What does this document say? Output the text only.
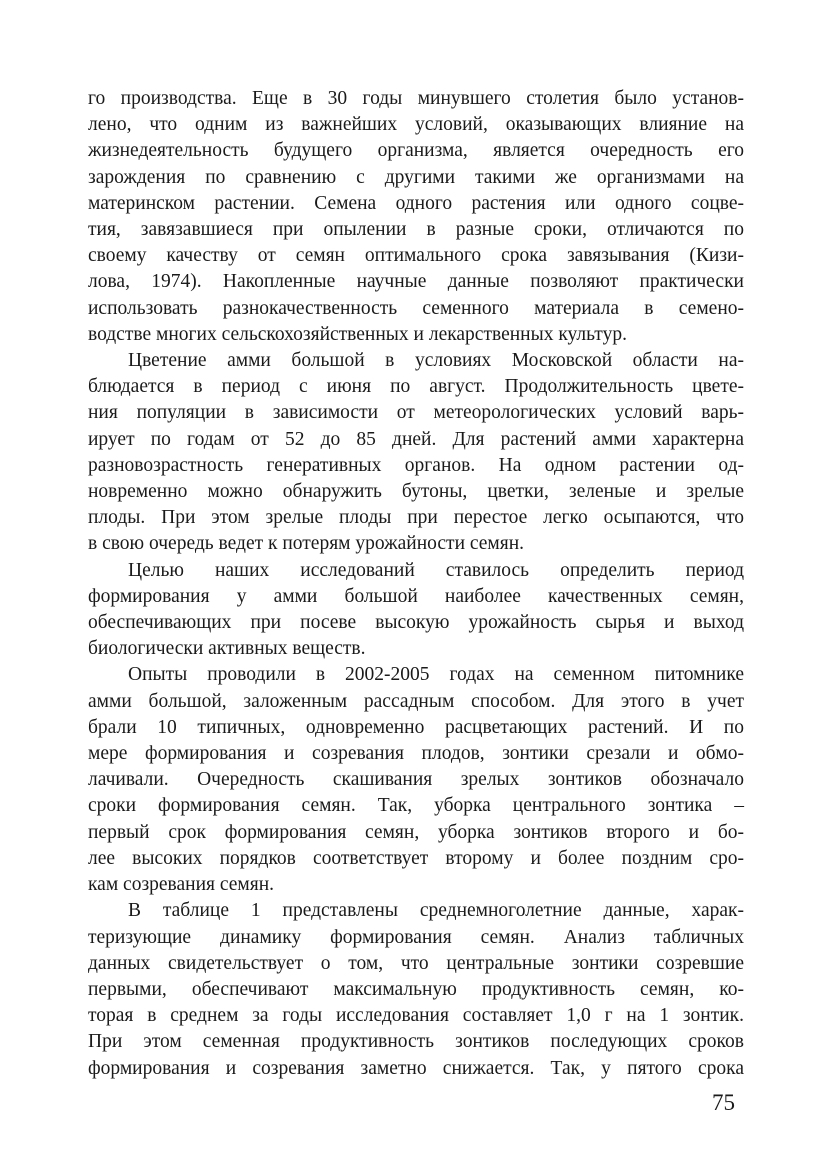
го производства. Еще в 30 годы минувшего столетия было установ-
лено, что одним из важнейших условий, оказывающих влияние на
жизнедеятельность будущего организма, является очередность его
зарождения по сравнению с другими такими же организмами на
материнском растении. Семена одного растения или одного соцве-
тия, завязавшиеся при опылении в разные сроки, отличаются по
своему качеству от семян оптимального срока завязывания (Кизи-
лова, 1974). Накопленные научные данные позволяют практически
использовать разнокачественность семенного материала в семено-
водстве многих сельскохозяйственных и лекарственных культур.

Цветение амми большой в условиях Московской области на-
блюдается в период с июня по август. Продолжительность цвете-
ния популяции в зависимости от метеорологических условий варь-
ирует по годам от 52 до 85 дней. Для растений амми характерна
разновозрастность генеративных органов. На одном растении од-
новременно можно обнаружить бутоны, цветки, зеленые и зрелые
плоды. При этом зрелые плоды при перестое легко осыпаются, что
в свою очередь ведет к потерям урожайности семян.

Целью наших исследований ставилось определить период
формирования у амми большой наиболее качественных семян,
обеспечивающих при посеве высокую урожайность сырья и выход
биологически активных веществ.

Опыты проводили в 2002-2005 годах на семенном питомнике
амми большой, заложенным рассадным способом. Для этого в учет
брали 10 типичных, одновременно расцветающих растений. И по
мере формирования и созревания плодов, зонтики срезали и обмо-
лачивали. Очередность скашивания зрелых зонтиков обозначало
сроки формирования семян. Так, уборка центрального зонтика –
первый срок формирования семян, уборка зонтиков второго и бо-
лее высоких порядков соответствует второму и более поздним сро-
кам созревания семян.

В таблице 1 представлены среднемноголетние данные, харак-
теризующие динамику формирования семян. Анализ табличных
данных свидетельствует о том, что центральные зонтики созревшие
первыми, обеспечивают максимальную продуктивность семян, ко-
торая в среднем за годы исследования составляет 1,0 г на 1 зонтик.
При этом семенная продуктивность зонтиков последующих сроков
формирования и созревания заметно снижается. Так, у пятого срока

75
